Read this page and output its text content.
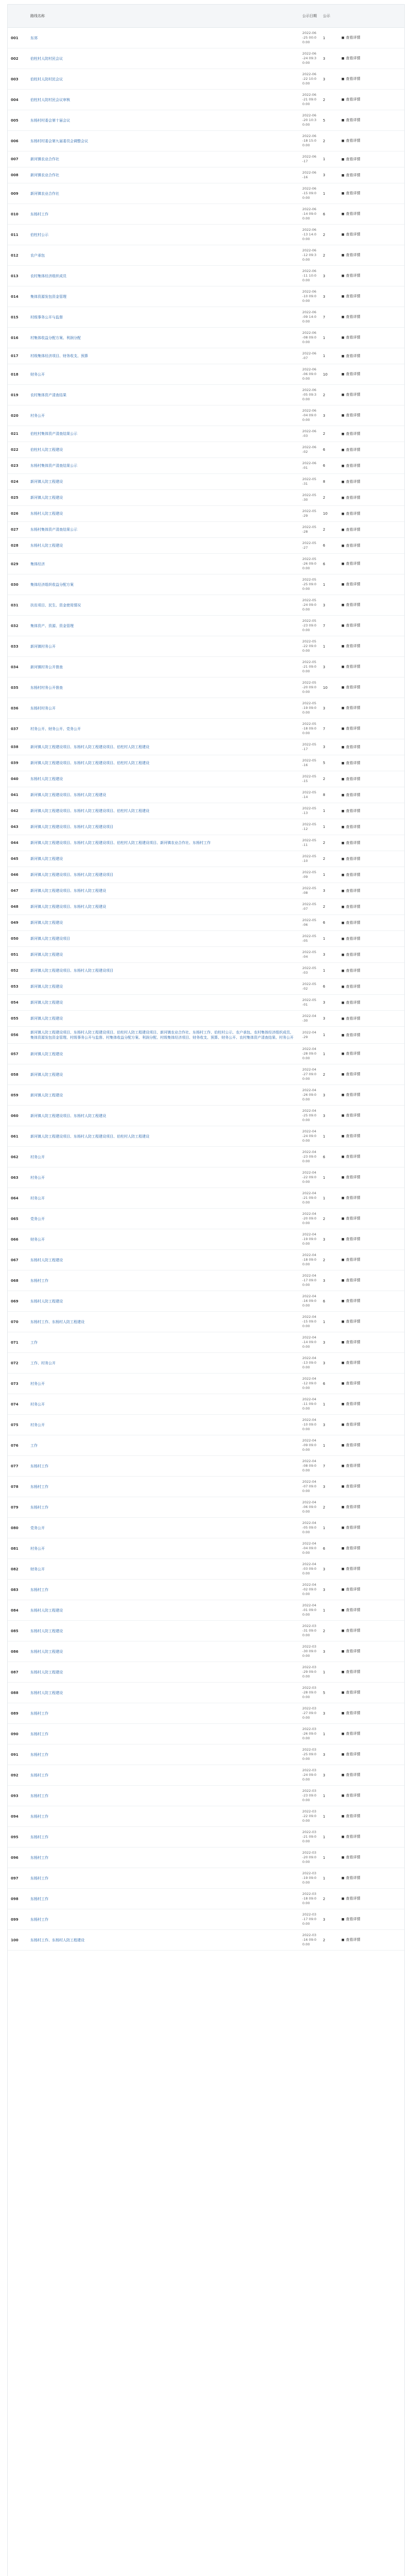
	路线名称	公示日期	公示	
001	东郊	2022-06-25 00:00:00	1	■ 查看详情
002	伯柱村人防村民会议	2022-06-24 09:30:00	3	■ 查看详情
003	伯柱村人防村民会议	2022-06-22 10:00:00	3	■ 查看详情
004	伯柱村人防村民会议审核	2022-06-21 09:00:00	2	■ 查看详情
005	东杨村村委会第十届会议	2022-06-20 10:30:00	5	■ 查看详情
006	东杨村村委会第九届委员会调整会议	2022-06-18 15:00:00	2	■ 查看详情
007	新河镇农业合作社	2022-06-17	1	■ 查看详情
008	新河镇农业合作社	2022-06-16	3	■ 查看详情
009	新河镇农业合作社	2022-06-15 09:00:00	1	■ 查看详情
010	东杨村工作	2022-06-14 09:00:00	6	■ 查看详情
011	伯柱村公示	2022-06-13 14:00:00	2	■ 查看详情
012	农户承包	2022-06-12 09:30:00	2	■ 查看详情
013	农村集体经济组织成员	2022-06-11 10:00:00	3	■ 查看详情
014	集体资源发包资金管理	2022-06-10 09:00:00	3	■ 查看详情
015	村级事务公开与监督	2022-06-09 14:00:00	7	■ 查看详情
016	村集体收益分配方案、利润分配	2022-06-08 09:00:00	1	■ 查看详情
017	村级集体经济项目、财务收支、预算	2022-06-07	1	■ 查看详情
018	财务公开	2022-06-06 09:00:00	10	■ 查看详情
019	农村集体资产清查结果	2022-06-05 09:30:00	2	■ 查看详情
020	村务公开	2022-06-04 09:00:00	3	■ 查看详情
021	伯柱村集体资产清查结果公示	2022-06-03	2	■ 查看详情
022	伯柱村人防工程建设	2022-06-02	6	■ 查看详情
023	东杨村集体资产清查结果公示	2022-06-01	6	■ 查看详情
024	新河镇人防工程建设	2022-05-31	8	■ 查看详情
025	新河镇人防工程建设	2022-05-30	2	■ 查看详情
026	东杨村人防工程建设	2022-05-29	10	■ 查看详情
027	东杨村集体资产清查结果公示	2022-05-28	2	■ 查看详情
028	东杨村人防工程建设	2022-05-27	6	■ 查看详情
029	集体经济	2022-05-26 09:00:00	6	■ 查看详情
030	集体经济组织收益分配方案	2022-05-25 09:00:00	1	■ 查看详情
031	扶贫项目、民生、资金使用情况	2022-05-24 09:00:00	3	■ 查看详情
032	集体资产、资源、资金管理	2022-05-23 09:00:00	7	■ 查看详情
033	新河镇村务公开	2022-05-22 09:00:00	1	■ 查看详情
034	新河镇村务公开督查	2022-05-21 09:00:00	3	■ 查看详情
035	东杨村村务公开督查	2022-05-20 09:00:00	10	■ 查看详情
036	东杨村村务公开	2022-05-19 09:00:00	3	■ 查看详情
037	村务公开、财务公开、党务公开	2022-05-18 09:00:00	7	■ 查看详情
038	新河镇人防工程建设项目、东杨村人防工程建设项目、伯柱村人防工程建设	2022-05-17	3	■ 查看详情
039	新河镇人防工程建设项目、东杨村人防工程建设项目、伯柱村人防工程建设	2022-05-16	5	■ 查看详情
040	东杨村人防工程建设	2022-05-15	2	■ 查看详情
041	新河镇人防工程建设项目、东杨村人防工程建设	2022-05-14	8	■ 查看详情
042	新河镇人防工程建设项目、东杨村人防工程建设项目、伯柱村人防工程建设	2022-05-13	1	■ 查看详情
043	新河镇人防工程建设项目、东杨村人防工程建设项目	2022-05-12	1	■ 查看详情
044	新河镇人防工程建设项目、东杨村人防工程建设项目、伯柱村人防工程建设项目、新河镇农业合作社、东杨村工作	2022-05-11	2	■ 查看详情
045	新河镇人防工程建设	2022-05-10	2	■ 查看详情
046	新河镇人防工程建设项目、东杨村人防工程建设项目	2022-05-09	1	■ 查看详情
047	新河镇人防工程建设项目、东杨村人防工程建设	2022-05-08	3	■ 查看详情
048	新河镇人防工程建设项目、东杨村人防工程建设	2022-05-07	2	■ 查看详情
049	新河镇人防工程建设	2022-05-06	6	■ 查看详情
050	新河镇人防工程建设项目	2022-05-05	1	■ 查看详情
051	新河镇人防工程建设	2022-05-04	3	■ 查看详情
052	新河镇人防工程建设项目、东杨村人防工程建设项目	2022-05-03	1	■ 查看详情
053	新河镇人防工程建设	2022-05-02	6	■ 查看详情
054	新河镇人防工程建设	2022-05-01	3	■ 查看详情
055	新河镇人防工程建设	2022-04-30	3	■ 查看详情
056	新河镇人防工程建设项目、东杨村人防工程建设项目、伯柱村人防工程建设项目、新河镇农业合作社、东杨村工作、伯柱村公示、农户承包、农村集体经济组织成员、集体资源发包资金管理、村级事务公开与监督、村集体收益分配方案、利润分配、村级集体经济项目、财务收支、预算、财务公开、农村集体资产清查结果、村务公开	2022-04-29	1	■ 查看详情
057	新河镇人防工程建设	2022-04-28 09:00:00	1	■ 查看详情
058	新河镇人防工程建设	2022-04-27 09:00:00	2	■ 查看详情
059	新河镇人防工程建设	2022-04-26 09:00:00	3	■ 查看详情
060	新河镇人防工程建设项目、东杨村人防工程建设	2022-04-25 09:00:00	3	■ 查看详情
061	新河镇人防工程建设项目、东杨村人防工程建设项目、伯柱村人防工程建设	2022-04-24 09:00:00	1	■ 查看详情
062	村务公开	2022-04-23 09:00:00	6	■ 查看详情
063	村务公开	2022-04-22 09:00:00	1	■ 查看详情
064	村务公开	2022-04-21 09:00:00	1	■ 查看详情
065	党务公开	2022-04-20 09:00:00	2	■ 查看详情
066	财务公开	2022-04-19 09:00:00	3	■ 查看详情
067	东杨村人防工程建设	2022-04-18 09:00:00	2	■ 查看详情
068	东杨村工作	2022-04-17 09:00:00	3	■ 查看详情
069	东杨村人防工程建设	2022-04-16 09:00:00	6	■ 查看详情
070	东杨村工作、东杨村人防工程建设	2022-04-15 09:00:00	1	■ 查看详情
071	工作	2022-04-14 09:00:00	3	■ 查看详情
072	工作、村务公开	2022-04-13 09:00:00	3	■ 查看详情
073	村务公开	2022-04-12 09:00:00	6	■ 查看详情
074	村务公开	2022-04-11 09:00:00	1	■ 查看详情
075	村务公开	2022-04-10 09:00:00	3	■ 查看详情
076	工作	2022-04-09 09:00:00	1	■ 查看详情
077	东杨村工作	2022-04-08 09:00:00	7	■ 查看详情
078	东杨村工作	2022-04-07 09:00:00	3	■ 查看详情
079	东杨村工作	2022-04-06 09:00:00	2	■ 查看详情
080	党务公开	2022-04-05 09:00:00	1	■ 查看详情
081	村务公开	2022-04-04 09:00:00	6	■ 查看详情
082	财务公开	2022-04-03 09:00:00	3	■ 查看详情
083	东杨村工作	2022-04-02 09:00:00	3	■ 查看详情
084	东杨村人防工程建设	2022-04-01 09:00:00	1	■ 查看详情
085	东杨村人防工程建设	2022-03-31 09:00:00	2	■ 查看详情
086	东杨村人防工程建设	2022-03-30 09:00:00	3	■ 查看详情
087	东杨村人防工程建设	2022-03-29 09:00:00	1	■ 查看详情
088	东杨村人防工程建设	2022-03-28 09:00:00	5	■ 查看详情
089	东杨村工作	2022-03-27 09:00:00	3	■ 查看详情
090	东杨村工作	2022-03-26 09:00:00	1	■ 查看详情
091	东杨村工作	2022-03-25 09:00:00	3	■ 查看详情
092	东杨村工作	2022-03-24 09:00:00	3	■ 查看详情
093	东杨村工作	2022-03-23 09:00:00	1	■ 查看详情
094	东杨村工作	2022-03-22 09:00:00	1	■ 查看详情
095	东杨村工作	2022-03-21 09:00:00	1	■ 查看详情
096	东杨村工作	2022-03-20 09:00:00	1	■ 查看详情
097	东杨村工作	2022-03-19 09:00:00	1	■ 查看详情
098	东杨村工作	2022-03-18 09:00:00	2	■ 查看详情
099	东杨村工作	2022-03-17 09:00:00	3	■ 查看详情
100	东杨村工作、东杨村人防工程建设	2022-03-16 09:00:00	2	■ 查看详情
